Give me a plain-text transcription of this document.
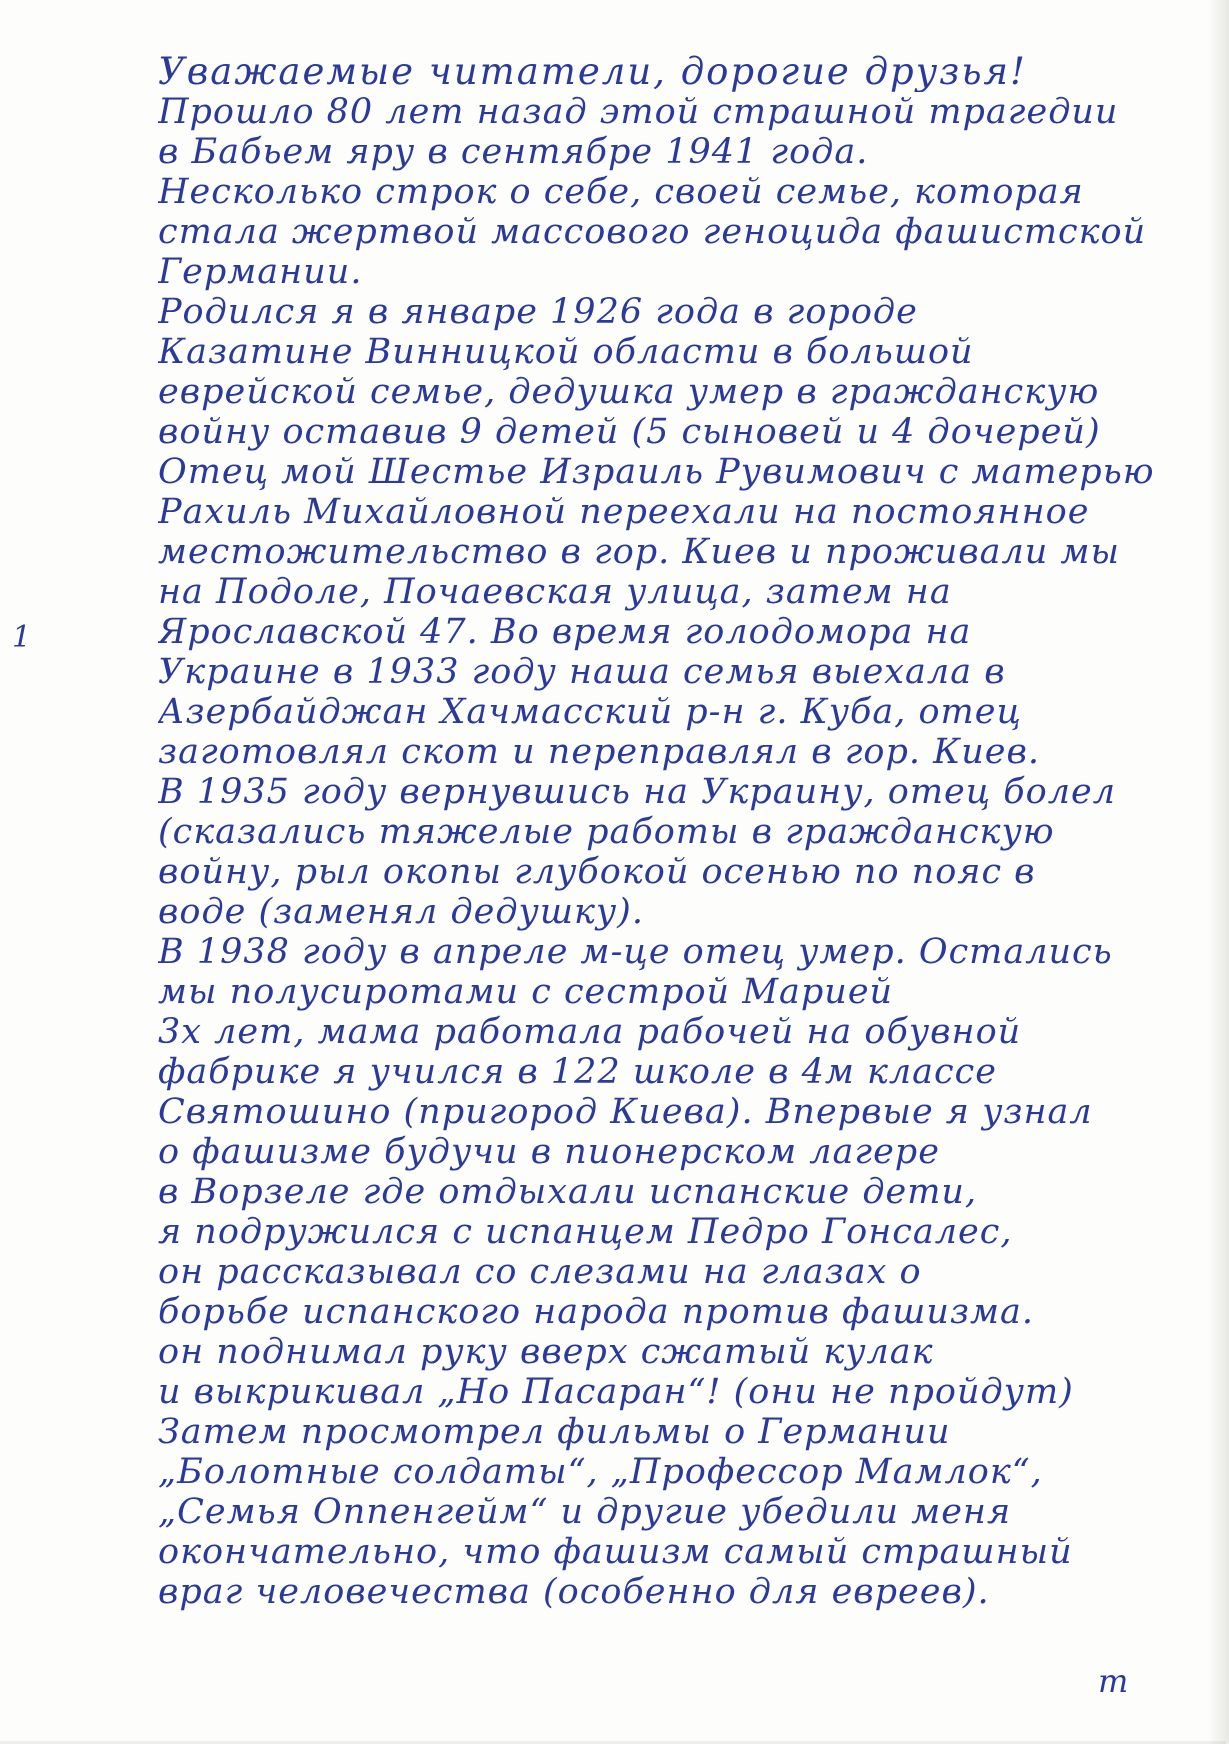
1
Уважаемые читатели, дорогие друзья!
Прошло 80 лет назад этой страшной трагедии
в Бабьем яру в сентябре 1941 года.
Несколько строк о себе, своей семье, которая
стала жертвой массового геноцида фашистской
Германии.
Родился я в январе 1926 года в городе
Казатине Винницкой области в большой
еврейской семье, дедушка умер в гражданскую
войну оставив 9 детей (5 сыновей и 4 дочерей)
Отец мой Шестье Израиль Рувимович с матерью
Рахиль Михайловной переехали на постоянное
местожительство в гор. Киев и проживали мы
на Подоле, Почаевская улица, затем на
Ярославской 47. Во время голодомора на
Украине в 1933 году наша семья выехала в
Азербайджан Хачмасский р-н г. Куба, отец
заготовлял скот и переправлял в гор. Киев.
В 1935 году вернувшись на Украину, отец болел
(сказались тяжелые работы в гражданскую
войну, рыл окопы глубокой осенью по пояс в
воде (заменял дедушку).
В 1938 году в апреле м-це отец умер. Остались
мы полусиротами с сестрой Марией
3х лет, мама работала рабочей на обувной
фабрике я учился в 122 школе в 4м классе
Святошино (пригород Киева). Впервые я узнал
о фашизме будучи в пионерском лагере
в Ворзеле где отдыхали испанские дети,
я подружился с испанцем Педро Гонсалес,
он рассказывал со слезами на глазах о
борьбе испанского народа против фашизма.
он поднимал руку вверх сжатый кулак
и выкрикивал „Но Пасаран“! (они не пройдут)
Затем просмотрел фильмы о Германии
„Болотные солдаты“, „Профессор Мамлок“,
„Семья Оппенгейм“ и другие убедили меня
окончательно, что фашизм самый страшный
враг человечества (особенно для евреев).
т
